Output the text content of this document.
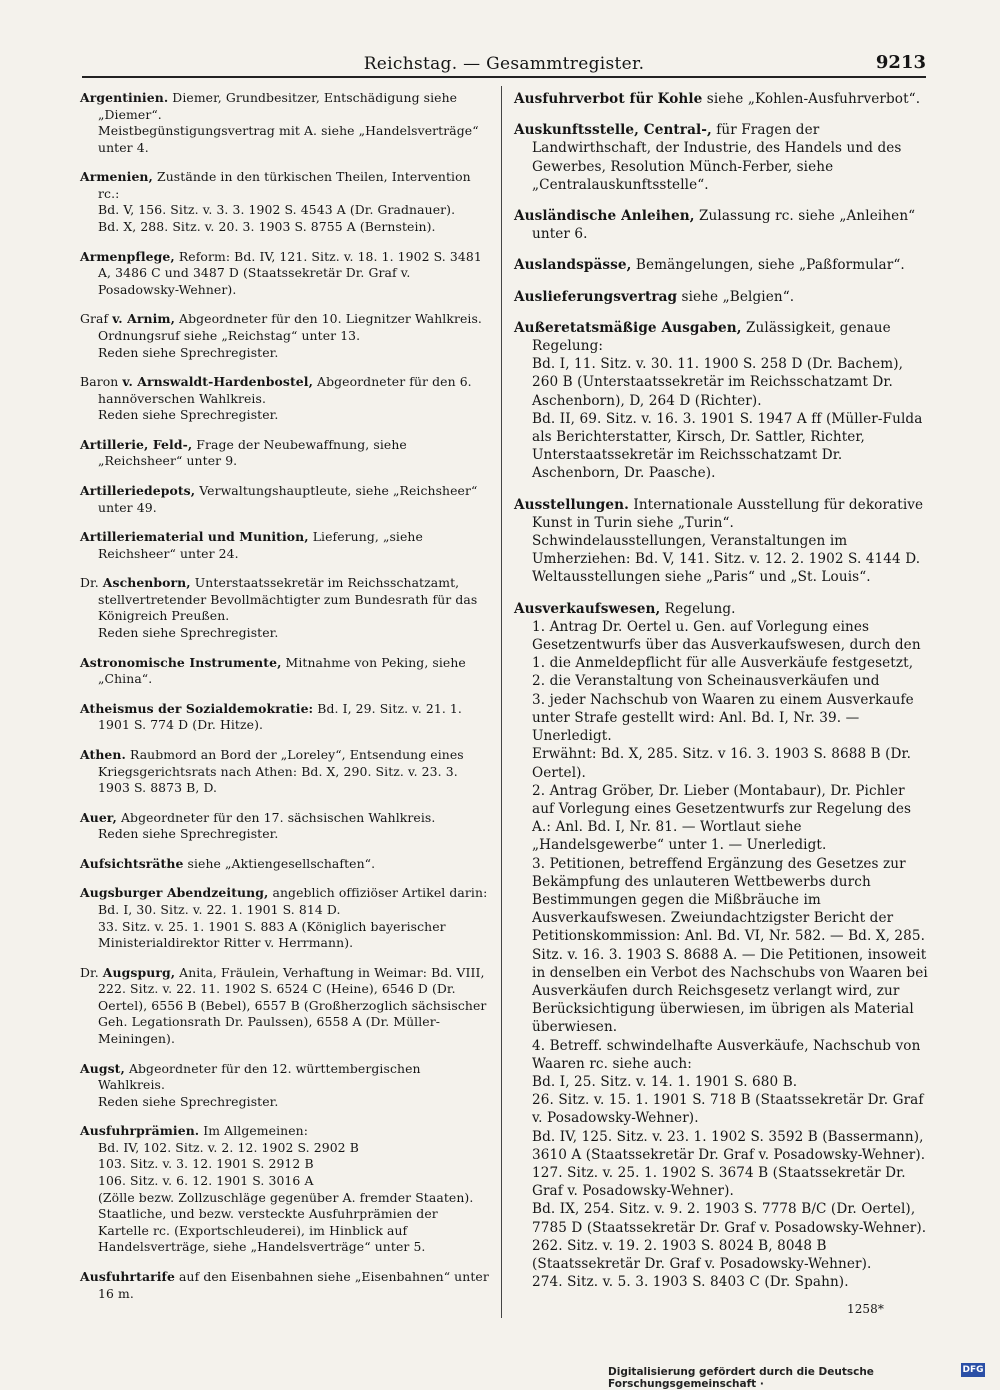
Reichstag. — Gesammtregister.	9213
Argentinien. Diemer, Grundbesitzer, Entschädigung siehe „Diemer“.
Meistbegünstigungsvertrag mit A. siehe „Handelsverträge“ unter 4.
Armenien, Zustände in den türkischen Theilen, Intervention rc.:
Bd. V, 156. Sitz. v. 3. 3. 1902 S. 4543 A (Dr. Gradnauer).
Bd. X, 288. Sitz. v. 20. 3. 1903 S. 8755 A (Bernstein).
Armenpflege, Reform: Bd. IV, 121. Sitz. v. 18. 1. 1902 S. 3481 A, 3486 C und 3487 D (Staatssekretär Dr. Graf v. Posadowsky-Wehner).
Graf v. Arnim, Abgeordneter für den 10. Liegnitzer Wahlkreis.
Ordnungsruf siehe „Reichstag“ unter 13.
Reden siehe Sprechregister.
Baron v. Arnswaldt-Hardenbostel, Abgeordneter für den 6. hannöverschen Wahlkreis.
Reden siehe Sprechregister.
Artillerie, Feld-, Frage der Neubewaffnung, siehe „Reichsheer“ unter 9.
Artilleriedepots, Verwaltungshauptleute, siehe „Reichsheer“ unter 49.
Artilleriematerial und Munition, Lieferung, „siehe Reichsheer“ unter 24.
Dr. Aschenborn, Unterstaatssekretär im Reichsschatzamt, stellvertretender Bevollmächtigter zum Bundesrath für das Königreich Preußen.
Reden siehe Sprechregister.
Astronomische Instrumente, Mitnahme von Peking, siehe „China“.
Atheismus der Sozialdemokratie: Bd. I, 29. Sitz. v. 21. 1. 1901 S. 774 D (Dr. Hitze).
Athen. Raubmord an Bord der „Loreley“, Entsendung eines Kriegsgerichtsrats nach Athen: Bd. X, 290. Sitz. v. 23. 3. 1903 S. 8873 B, D.
Auer, Abgeordneter für den 17. sächsischen Wahlkreis.
Reden siehe Sprechregister.
Aufsichtsräthe siehe „Aktiengesellschaften“.
Augsburger Abendzeitung, angeblich offiziöser Artikel darin:
Bd. I, 30. Sitz. v. 22. 1. 1901 S. 814 D.
33. Sitz. v. 25. 1. 1901 S. 883 A (Königlich bayerischer Ministerialdirektor Ritter v. Herrmann).
Dr. Augspurg, Anita, Fräulein, Verhaftung in Weimar: Bd. VIII, 222. Sitz. v. 22. 11. 1902 S. 6524 C (Heine), 6546 D (Dr. Oertel), 6556 B (Bebel), 6557 B (Großherzoglich sächsischer Geh. Legationsrath Dr. Paulssen), 6558 A (Dr. Müller-Meiningen).
Augst, Abgeordneter für den 12. württembergischen Wahlkreis.
Reden siehe Sprechregister.
Ausfuhrprämien. Im Allgemeinen:
Bd. IV, 102. Sitz. v. 2. 12. 1902 S. 2902 B
103. Sitz. v. 3. 12. 1901 S. 2912 B
106. Sitz. v. 6. 12. 1901 S. 3016 A
(Zölle bezw. Zollzuschläge gegenüber A. fremder Staaten).
Staatliche, und bezw. versteckte Ausfuhrprämien der Kartelle rc. (Exportschleuderei), im Hinblick auf Handelsverträge, siehe „Handelsverträge“ unter 5.
Ausfuhrtarife auf den Eisenbahnen siehe „Eisenbahnen“ unter 16 m.
Ausfuhrverbot für Kohle siehe „Kohlen-Ausfuhrverbot“.
Auskunftsstelle, Central-, für Fragen der Landwirthschaft, der Industrie, des Handels und des Gewerbes, Resolution Münch-Ferber, siehe „Centralauskunftsstelle“.
Ausländische Anleihen, Zulassung rc. siehe „Anleihen“ unter 6.
Auslandspässe, Bemängelungen, siehe „Paßformular“.
Auslieferungsvertrag siehe „Belgien“.
Außeretatsmäßige Ausgaben, Zulässigkeit, genaue Regelung:
Bd. I, 11. Sitz. v. 30. 11. 1900 S. 258 D (Dr. Bachem), 260 B (Unterstaatssekretär im Reichsschatzamt Dr. Aschenborn), D, 264 D (Richter).
Bd. II, 69. Sitz. v. 16. 3. 1901 S. 1947 A ff (Müller-Fulda als Berichterstatter, Kirsch, Dr. Sattler, Richter, Unterstaatssekretär im Reichsschatzamt Dr. Aschenborn, Dr. Paasche).
Ausstellungen. Internationale Ausstellung für dekorative Kunst in Turin siehe „Turin“.
Schwindelausstellungen, Veranstaltungen im Umherziehen: Bd. V, 141. Sitz. v. 12. 2. 1902 S. 4144 D.
Weltausstellungen siehe „Paris“ und „St. Louis“.
Ausverkaufswesen, Regelung.
1. Antrag Dr. Oertel u. Gen. auf Vorlegung eines Gesetzentwurfs über das Ausverkaufswesen, durch den
1. die Anmeldepflicht für alle Ausverkäufe festgesetzt,
2. die Veranstaltung von Scheinausverkäufen und
3. jeder Nachschub von Waaren zu einem Ausverkaufe unter Strafe gestellt wird: Anl. Bd. I, Nr. 39. — Unerledigt.
Erwähnt: Bd. X, 285. Sitz. v 16. 3. 1903 S. 8688 B (Dr. Oertel).
2. Antrag Gröber, Dr. Lieber (Montabaur), Dr. Pichler auf Vorlegung eines Gesetzentwurfs zur Regelung des A.: Anl. Bd. I, Nr. 81. — Wortlaut siehe „Handelsgewerbe“ unter 1. — Unerledigt.
3. Petitionen, betreffend Ergänzung des Gesetzes zur Bekämpfung des unlauteren Wettbewerbs durch Bestimmungen gegen die Mißbräuche im Ausverkaufswesen. Zweiundachtzigster Bericht der Petitionskommission: Anl. Bd. VI, Nr. 582. — Bd. X, 285. Sitz. v. 16. 3. 1903 S. 8688 A. — Die Petitionen, insoweit in denselben ein Verbot des Nachschubs von Waaren bei Ausverkäufen durch Reichsgesetz verlangt wird, zur Berücksichtigung überwiesen, im übrigen als Material überwiesen.
4. Betreff. schwindelhafte Ausverkäufe, Nachschub von Waaren rc. siehe auch:
Bd. I, 25. Sitz. v. 14. 1. 1901 S. 680 B.
26. Sitz. v. 15. 1. 1901 S. 718 B (Staatssekretär Dr. Graf v. Posadowsky-Wehner).
Bd. IV, 125. Sitz. v. 23. 1. 1902 S. 3592 B (Bassermann), 3610 A (Staatssekretär Dr. Graf v. Posadowsky-Wehner).
127. Sitz. v. 25. 1. 1902 S. 3674 B (Staatssekretär Dr. Graf v. Posadowsky-Wehner).
Bd. IX, 254. Sitz. v. 9. 2. 1903 S. 7778 B/C (Dr. Oertel), 7785 D (Staatssekretär Dr. Graf v. Posadowsky-Wehner).
262. Sitz. v. 19. 2. 1903 S. 8024 B, 8048 B (Staatssekretär Dr. Graf v. Posadowsky-Wehner).
274. Sitz. v. 5. 3. 1903 S. 8403 C (Dr. Spahn).
1258*
Digitalisierung gefördert durch die Deutsche Forschungsgemeinschaft ·
DFG
